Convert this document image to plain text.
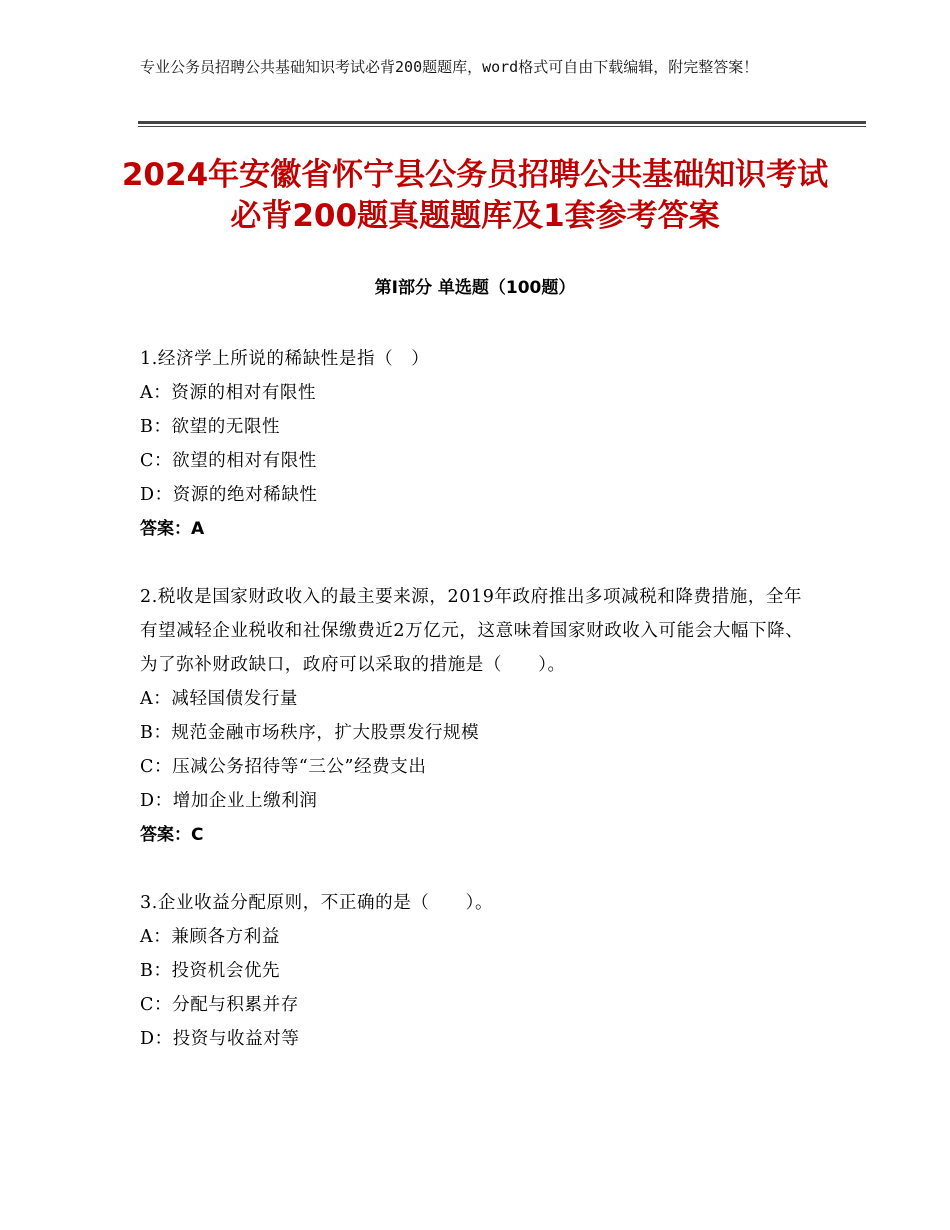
专业公务员招聘公共基础知识考试必背200题题库，word格式可自由下载编辑，附完整答案！

2024年安徽省怀宁县公务员招聘公共基础知识考试必背200题真题题库及1套参考答案
第Ⅰ部分 单选题（100题）

1.经济学上所说的稀缺性是指（　）

A：资源的相对有限性

B：欲望的无限性

C：欲望的相对有限性

D：资源的绝对稀缺性

答案：A

2.税收是国家财政收入的最主要来源，2019年政府推出多项减税和降费措施，全年有望减轻企业税收和社保缴费近2万亿元，这意味着国家财政收入可能会大幅下降、为了弥补财政缺口，政府可以采取的措施是（　　）。

A：减轻国债发行量

B：规范金融市场秩序，扩大股票发行规模

C：压减公务招待等“三公”经费支出

D：增加企业上缴利润

答案：C

3.企业收益分配原则，不正确的是（　　）。

A：兼顾各方利益

B：投资机会优先

C：分配与积累并存

D：投资与收益对等
